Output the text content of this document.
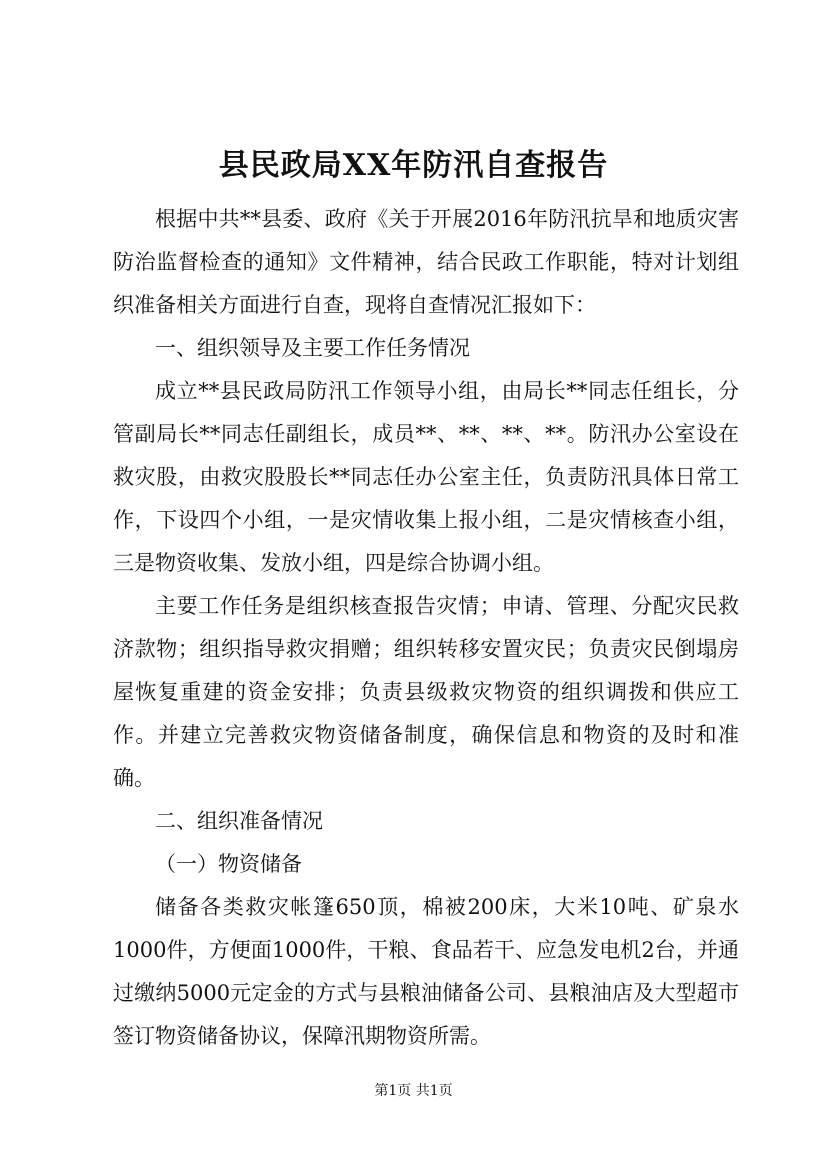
县民政局XX年防汛自查报告

根据中共**县委、政府《关于开展2016年防汛抗旱和地质灾害防治监督检查的通知》文件精神，结合民政工作职能，特对计划组织准备相关方面进行自查，现将自查情况汇报如下：

一、组织领导及主要工作任务情况

成立**县民政局防汛工作领导小组，由局长**同志任组长，分管副局长**同志任副组长，成员**、**、**、**。防汛办公室设在救灾股，由救灾股股长**同志任办公室主任，负责防汛具体日常工作，下设四个小组，一是灾情收集上报小组，二是灾情核查小组，三是物资收集、发放小组，四是综合协调小组。

主要工作任务是组织核查报告灾情；申请、管理、分配灾民救济款物；组织指导救灾捐赠；组织转移安置灾民；负责灾民倒塌房屋恢复重建的资金安排；负责县级救灾物资的组织调拨和供应工作。并建立完善救灾物资储备制度，确保信息和物资的及时和准确。

二、组织准备情况

（一）物资储备

储备各类救灾帐篷650顶，棉被200床，大米10吨、矿泉水1000件，方便面1000件，干粮、食品若干、应急发电机2台，并通过缴纳5000元定金的方式与县粮油储备公司、县粮油店及大型超市签订物资储备协议，保障汛期物资所需。

第1页 共1页
